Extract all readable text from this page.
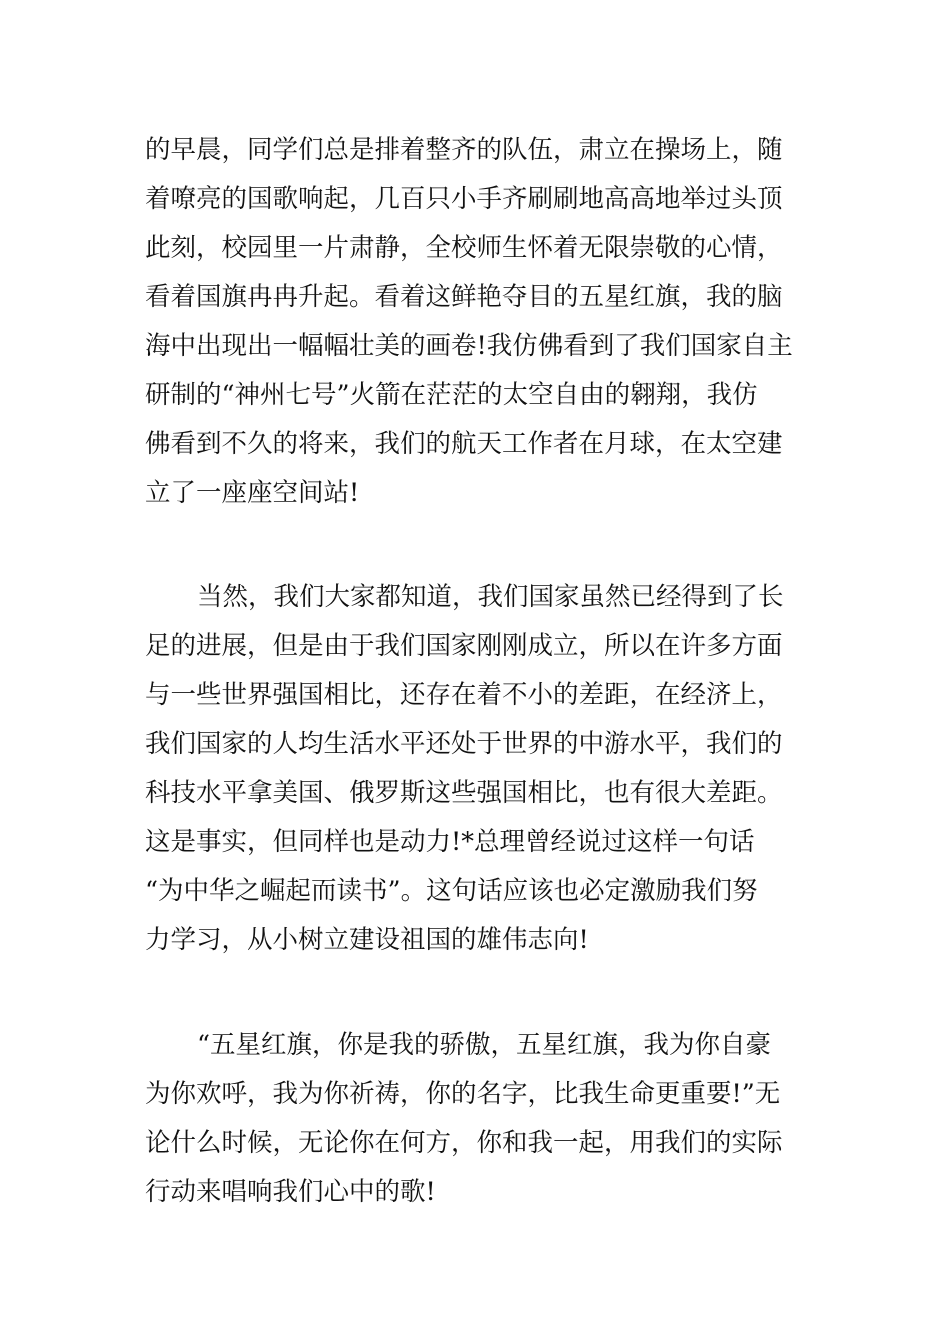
的早晨，同学们总是排着整齐的队伍，肃立在操场上，随
着嘹亮的国歌响起，几百只小手齐刷刷地高高地举过头顶
此刻，校园里一片肃静，全校师生怀着无限崇敬的心情，
看着国旗冉冉升起。看着这鲜艳夺目的五星红旗，我的脑
海中出现出一幅幅壮美的画卷!我仿佛看到了我们国家自主
研制的“神州七号”火箭在茫茫的太空自由的翱翔，我仿
佛看到不久的将来，我们的航天工作者在月球，在太空建
立了一座座空间站!
当然，我们大家都知道，我们国家虽然已经得到了长
足的进展，但是由于我们国家刚刚成立，所以在许多方面
与一些世界强国相比，还存在着不小的差距，在经济上，
我们国家的人均生活水平还处于世界的中游水平，我们的
科技水平拿美国、俄罗斯这些强国相比，也有很大差距。
这是事实，但同样也是动力!*总理曾经说过这样一句话
“为中华之崛起而读书”。这句话应该也必定激励我们努
力学习，从小树立建设祖国的雄伟志向!
“五星红旗，你是我的骄傲，五星红旗，我为你自豪
为你欢呼，我为你祈祷，你的名字，比我生命更重要!”无
论什么时候，无论你在何方，你和我一起，用我们的实际
行动来唱响我们心中的歌!
